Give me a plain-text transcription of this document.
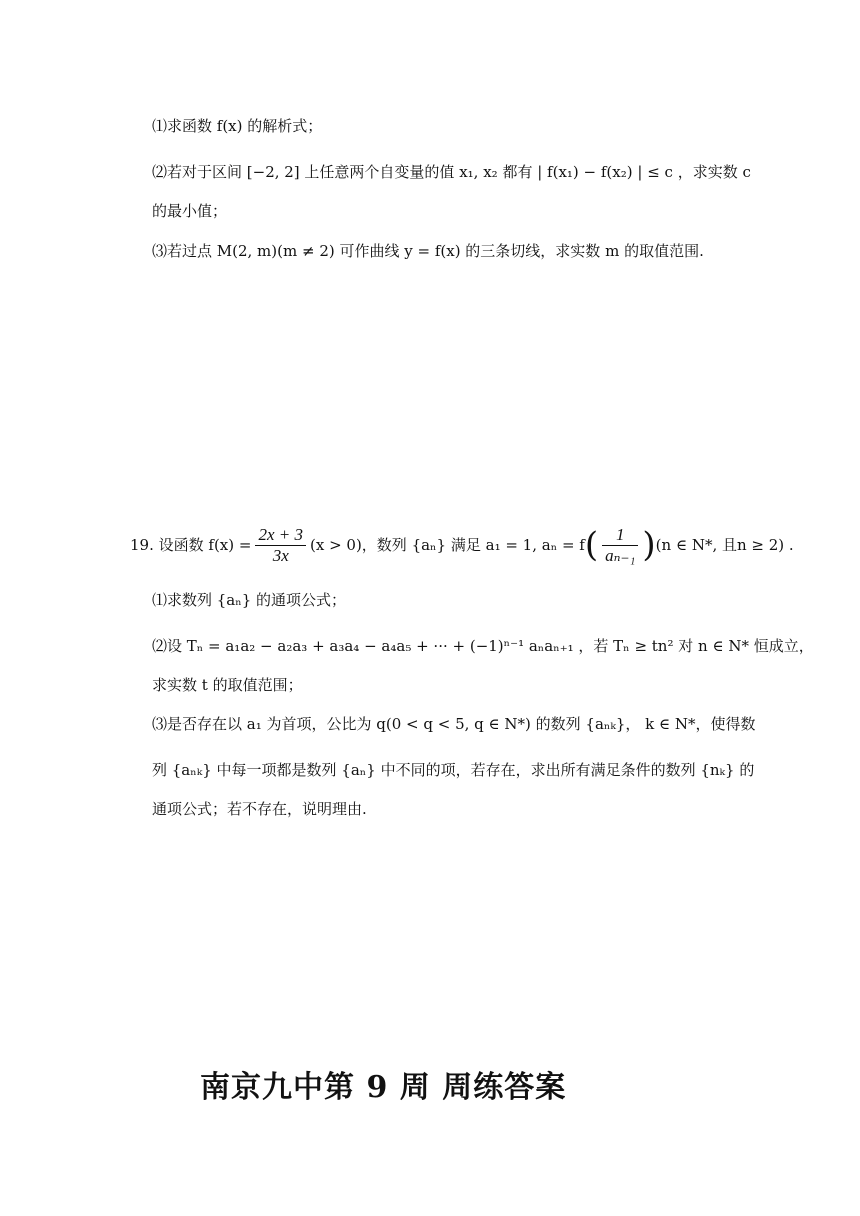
⑴求函数 f(x) 的解析式；
⑵若对于区间 [−2, 2] 上任意两个自变量的值 x₁, x₂ 都有 | f(x₁) − f(x₂) | ≤ c ，求实数 c
的最小值；
⑶若过点 M(2, m)(m ≠ 2) 可作曲线 y = f(x) 的三条切线，求实数 m 的取值范围.
19. 设函数 $f(x) = \frac{2x + 3}{3x} (x > 0)$，数列 {aₙ} 满足 a₁ = 1, aₙ = f ( $\frac{1}{\text{aₙ₋₁}}$ ) (n ∈ N*, 且n ≥ 2) .
⑴求数列 {aₙ} 的通项公式；
⑵设 Tₙ = a₁a₂ − a₂a₃ + a₃a₄ − a₄a₅ + ··· + (−1)ⁿ⁻¹ aₙaₙ₊₁ ，若 Tₙ ≥ tn² 对 n ∈ N* 恒成立，
求实数 t 的取值范围；
⑶是否存在以 a₁ 为首项，公比为 q(0 < q < 5, q ∈ N*) 的数列 {aₙₖ}， k ∈ N*，使得数
列 {aₙₖ} 中每一项都是数列 {aₙ} 中不同的项，若存在，求出所有满足条件的数列 {nₖ} 的
通项公式；若不存在，说明理由.
南京九中第 9 周 周练答案
